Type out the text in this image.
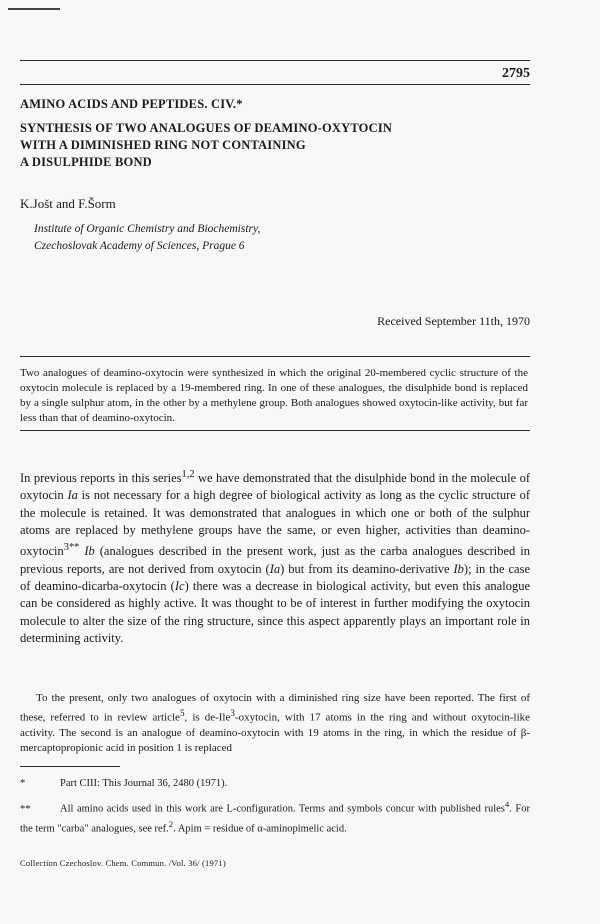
2795
AMINO ACIDS AND PEPTIDES. CIV.*
SYNTHESIS OF TWO ANALOGUES OF DEAMINO-OXYTOCIN
WITH A DIMINISHED RING NOT CONTAINING
A DISULPHIDE BOND
K.Jošt and F.Šorm
Institute of Organic Chemistry and Biochemistry,
Czechoslovak Academy of Sciences, Prague 6
Received September 11th, 1970
Two analogues of deamino-oxytocin were synthesized in which the original 20-membered cyclic structure of the oxytocin molecule is replaced by a 19-membered ring. In one of these analogues, the disulphide bond is replaced by a single sulphur atom, in the other by a methylene group. Both analogues showed oxytocin-like activity, but far less than that of deamino-oxytocin.
In previous reports in this series$^{1,2}$ we have demonstrated that the disulphide bond in the molecule of oxytocin Ia is not necessary for a high degree of biological activity as long as the cyclic structure of the molecule is retained. It was demonstrated that analogues in which one or both of the sulphur atoms are replaced by methylene groups have the same, or even higher, activities than deamino-oxytocin$^{3**}$ Ib (analogues described in the present work, just as the carba analogues described in previous reports, are not derived from oxytocin (Ia) but from its deamino-derivative Ib); in the case of deamino-dicarba-oxytocin (Ic) there was a decrease in biological activity, but even this analogue can be considered as highly active. It was thought to be of interest in further modifying the oxytocin molecule to alter the size of the ring structure, since this aspect apparently plays an important role in determining activity.

To the present, only two analogues of oxytocin with a diminished ring size have been reported. The first of these, referred to in review article$^5$, is de-Ile$^3$-oxytocin, with 17 atoms in the ring and without oxytocin-like activity. The second is an analogue of deamino-oxytocin with 19 atoms in the ring, in which the residue of β-mercaptopropionic acid in position 1 is replaced

*	Part CIII: This Journal 36, 2480 (1971).
**	All amino acids used in this work are L-configuration. Terms and symbols concur with published rules$^4$. For the term "carba" analogues, see ref.$^2$. Apim = residue of α-aminopimelic acid.
Collection Czechoslov. Chem. Commun. /Vol. 36/ (1971)
